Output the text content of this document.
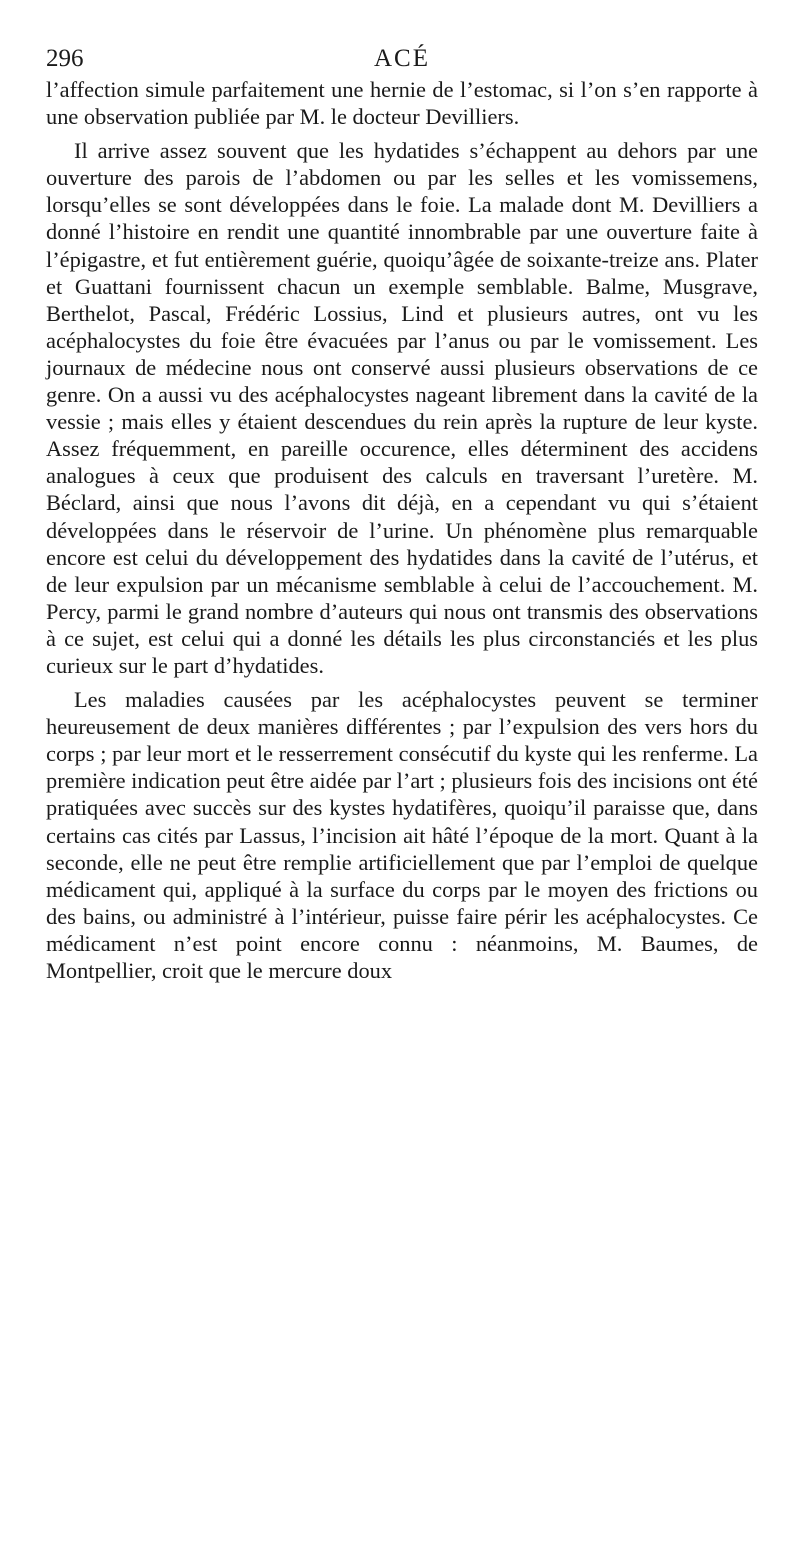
296	ACÉ

l’affection simule parfaitement une hernie de l’estomac, si l’on s’en rapporte à une observation publiée par M. le docteur Devilliers.

Il arrive assez souvent que les hydatides s’échappent au dehors par une ouverture des parois de l’abdomen ou par les selles et les vomissemens, lorsqu’elles se sont développées dans le foie. La malade dont M. Devilliers a donné l’histoire en rendit une quantité innombrable par une ouverture faite à l’épigastre, et fut entièrement guérie, quoiqu’âgée de soixante-treize ans. Plater et Guattani fournissent chacun un exemple semblable. Balme, Musgrave, Berthelot, Pascal, Frédéric Lossius, Lind et plusieurs autres, ont vu les acéphalocystes du foie être évacuées par l’anus ou par le vomissement. Les journaux de médecine nous ont conservé aussi plusieurs observations de ce genre. On a aussi vu des acéphalocystes nageant librement dans la cavité de la vessie ; mais elles y étaient descendues du rein après la rupture de leur kyste. Assez fréquemment, en pareille occurence, elles déterminent des accidens analogues à ceux que produisent des calculs en traversant l’uretère. M. Béclard, ainsi que nous l’avons dit déjà, en a cependant vu qui s’étaient développées dans le réservoir de l’urine. Un phénomène plus remarquable encore est celui du développement des hydatides dans la cavité de l’utérus, et de leur expulsion par un mécanisme semblable à celui de l’accouchement. M. Percy, parmi le grand nombre d’auteurs qui nous ont transmis des observations à ce sujet, est celui qui a donné les détails les plus circonstanciés et les plus curieux sur le part d’hydatides.

Les maladies causées par les acéphalocystes peuvent se terminer heureusement de deux manières différentes ; par l’expulsion des vers hors du corps ; par leur mort et le resserrement consécutif du kyste qui les renferme. La première indication peut être aidée par l’art ; plusieurs fois des incisions ont été pratiquées avec succès sur des kystes hydatifères, quoiqu’il paraisse que, dans certains cas cités par Lassus, l’incision ait hâté l’époque de la mort. Quant à la seconde, elle ne peut être remplie artificiellement que par l’emploi de quelque médicament qui, appliqué à la surface du corps par le moyen des frictions ou des bains, ou administré à l’intérieur, puisse faire périr les acéphalocystes. Ce médicament n’est point encore connu : néanmoins, M. Baumes, de Montpellier, croit que le mercure doux
